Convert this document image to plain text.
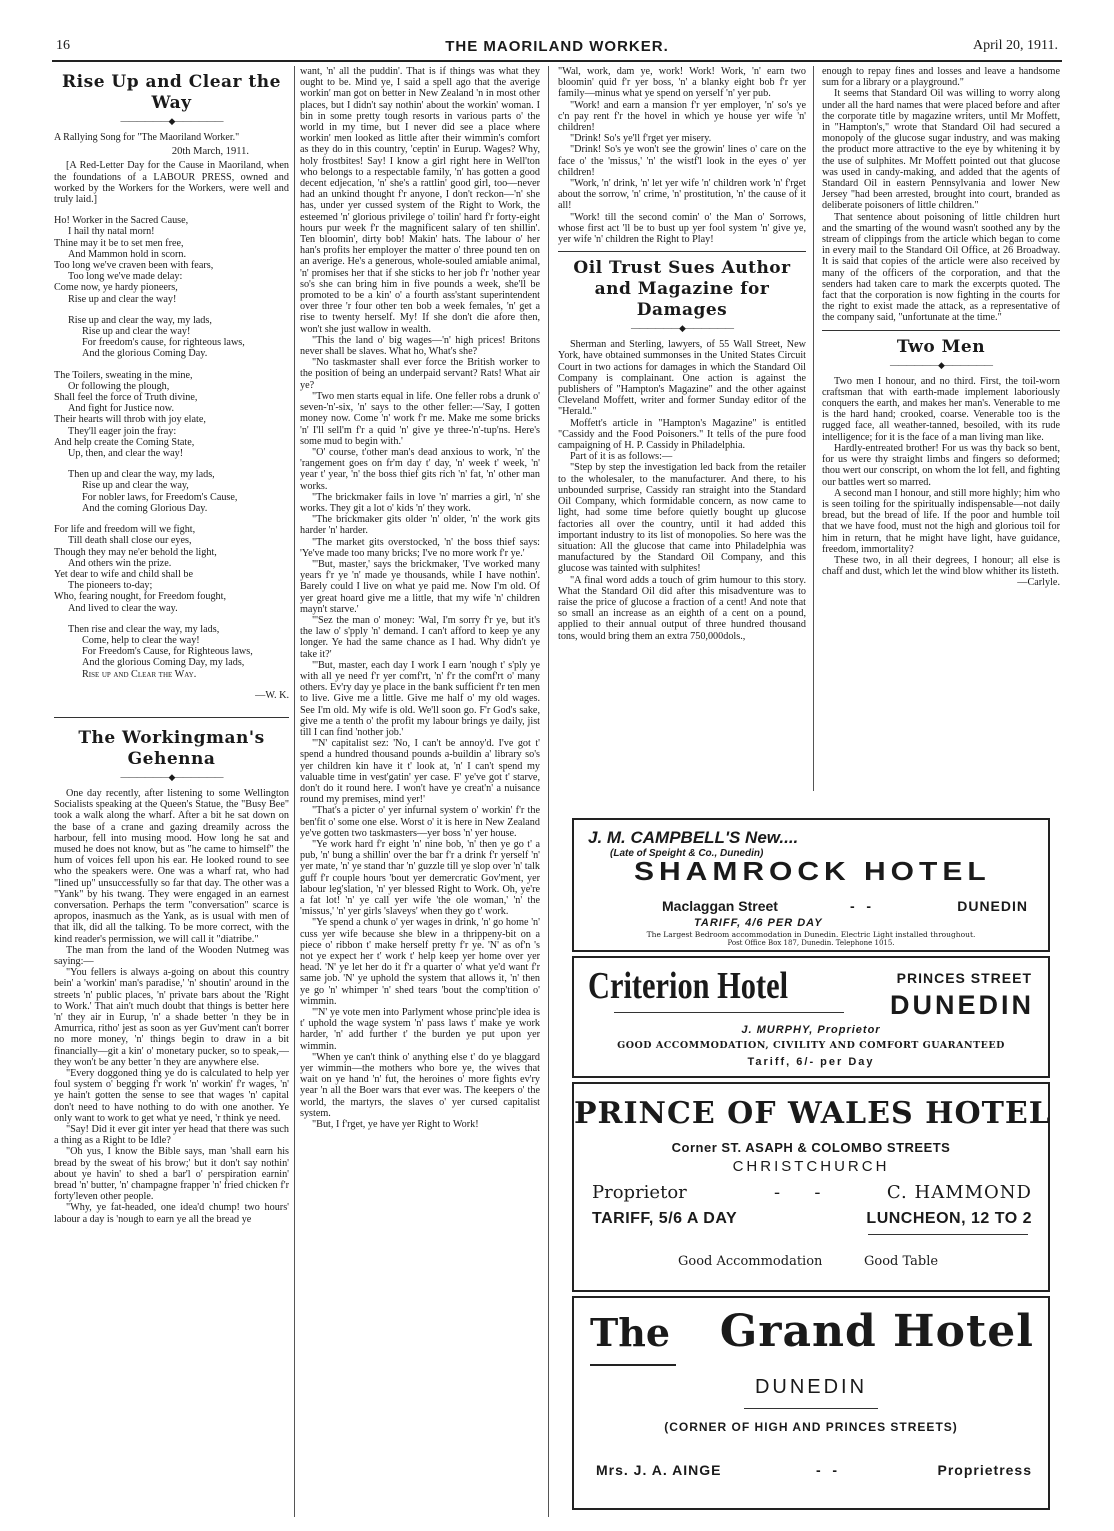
16	THE MAORILAND WORKER.	April 20, 1911.
Rise Up and Clear the
Way
——————◆——————

A Rallying Song for "The Maoriland Worker."

20th March, 1911.

[A Red-Letter Day for the Cause in Maoriland, when the foundations of a LABOUR PRESS, owned and worked by the Workers for the Workers, were well and truly laid.]

Ho! Worker in the Sacred Cause,

I hail thy natal morn!

Thine may it be to set men free,

And Mammon hold in scorn.

Too long we've craven been with fears,

Too long we've made delay:

Come now, ye hardy pioneers,

Rise up and clear the way!

Rise up and clear the way, my lads,

Rise up and clear the way!

For freedom's cause, for righteous laws,

And the glorious Coming Day.

The Toilers, sweating in the mine,

Or following the plough,

Shall feel the force of Truth divine,

And fight for Justice now.

Their hearts will throb with joy elate,

They'll eager join the fray:

And help create the Coming State,

Up, then, and clear the way!

Then up and clear the way, my lads,

Rise up and clear the way,

For nobler laws, for Freedom's Cause,

And the coming Glorious Day.

For life and freedom will we fight,

Till death shall close our eyes,

Though they may ne'er behold the light,

And others win the prize.

Yet dear to wife and child shall be

The pioneers to-day;

Who, fearing nought, for Freedom fought,

And lived to clear the way.

Then rise and clear the way, my lads,

Come, help to clear the way!

For Freedom's Cause, for Righteous laws,

And the glorious Coming Day, my lads,

Rise up and Clear the Way.

—W. K.

The Workingman's
Gehenna
——————◆——————

One day recently, after listening to some Wellington Socialists speaking at the Queen's Statue, the "Busy Bee" took a walk along the wharf. After a bit he sat down on the base of a crane and gazing dreamily across the harbour, fell into musing mood. How long he sat and mused he does not know, but as "he came to himself" the hum of voices fell upon his ear. He looked round to see who the speakers were. One was a wharf rat, who had "lined up" unsuccessfully so far that day. The other was a "Yank" by his twang. They were engaged in an earnest conversation. Perhaps the term "conversation" scarce is apropos, inasmuch as the Yank, as is usual with men of that ilk, did all the talking. To be more correct, with the kind reader's permission, we will call it "diatribe."

The man from the land of the Wooden Nutmeg was saying:—

"You fellers is always a-going on about this country bein' a 'workin' man's paradise,' 'n' shoutin' around in the streets 'n' public places, 'n' private bars about the 'Right to Work.' That ain't much doubt that things is better here 'n' they air in Eurup, 'n' a shade better 'n they be in Amurrica, ritho' jest as soon as yer Guv'ment can't borrer no more money, 'n' things begin to draw in a bit financially—git a kin' o' monetary pucker, so to speak,—they won't be any better 'n they are anywhere else.

"Every doggoned thing ye do is calculated to help yer foul system o' begging f'r work 'n' workin' f'r wages, 'n' ye hain't gotten the sense to see that wages 'n' capital don't need to have nothing to do with one another. Ye only want to work to get what ye need, 'r think ye need.

"Say! Did it ever git inter yer head that there was such a thing as a Right to be Idle?

"Oh yus, I know the Bible says, man 'shall earn his bread by the sweat of his brow;' but it don't say nothin' about ye havin' to shed a bar'l o' perspiration earnin' bread 'n' butter, 'n' champagne frapper 'n' fried chicken f'r forty'leven other people.

"Why, ye fat-headed, one idea'd chump! two hours' labour a day is 'nough to earn ye all the bread ye

want, 'n' all the puddin'. That is if things was what they ought to be. Mind ye, I said a spell ago that the averige workin' man got on better in New Zealand 'n in most other places, but I didn't say nothin' about the workin' woman. I bin in some pretty tough resorts in various parts o' the world in my time, but I never did see a place where workin' men looked as little after their wimmin's comfort as they do in this country, 'ceptin' in Eurup. Wages? Why, holy frostbites! Say! I know a girl right here in Well'ton who belongs to a respectable family, 'n' has gotten a good decent edjecation, 'n' she's a rattlin' good girl, too—never had an unkind thought f'r anyone, I don't reckon—'n' she has, under yer cussed system of the Right to Work, the esteemed 'n' glorious privilege o' toilin' hard f'r forty-eight hours pur week f'r the magnificent salary of ten shillin'. Ten bloomin', dirty bob! Makin' hats. The labour o' her han's profits her employer the matter o' three pound ten on an averige. He's a generous, whole-souled amiable animal, 'n' promises her that if she sticks to her job f'r 'nother year so's she can bring him in five pounds a week, she'll be promoted to be a kin' o' a fourth ass'stant superintendent over three 'r four other ten bob a week females, 'n' get a rise to twenty herself. My! If she don't die afore then, won't she just wallow in wealth.

"This the land o' big wages—'n' high prices! Britons never shall be slaves. What ho, What's she?

"No taskmaster shall ever force the British worker to the position of being an underpaid servant? Rats! What air ye?

"Two men starts equal in life. One feller robs a drunk o' seven-'n'-six, 'n' says to the other feller:—'Say, I gotten money now. Come 'n' work f'r me. Make me some bricks 'n' I'll sell'm f'r a quid 'n' give ye three-'n'-tup'ns. Here's some mud to begin with.'

"O' course, t'other man's dead anxious to work, 'n' the 'rangement goes on fr'm day t' day, 'n' week t' week, 'n' year t' year, 'n' the boss thief gits rich 'n' fat, 'n' other man works.

"The brickmaker fails in love 'n' marries a girl, 'n' she works. They git a lot o' kids 'n' they work.

"The brickmaker gits older 'n' older, 'n' the work gits harder 'n' harder.

"The market gits overstocked, 'n' the boss thief says: 'Ye've made too many bricks; I've no more work f'r ye.'

"'But, master,' says the brickmaker, 'I've worked many years f'r ye 'n' made ye thousands, while I have nothin'. Barely could I live on what ye paid me. Now I'm old. Of yer great hoard give me a little, that my wife 'n' children mayn't starve.'

"'Sez the man o' money: 'Wal, I'm sorry f'r ye, but it's the law o' s'pply 'n' demand. I can't afford to keep ye any longer. Ye had the same chance as I had. Why didn't ye take it?'

"'But, master, each day I work I earn 'nough t' s'ply ye with all ye need f'r yer comf'rt, 'n' f'r the comf'rt o' many others. Ev'ry day ye place in the bank sufficient f'r ten men to live. Give me a little. Give me half o' my old wages. See I'm old. My wife is old. We'll soon go. F'r God's sake, give me a tenth o' the profit my labour brings ye daily, jist till I can find 'nother job.'

"'N' capitalist sez: 'No, I can't be annoy'd. I've got t' spend a hundred thousand pounds a-buildin a' library so's yer children kin have it t' look at, 'n' I can't spend my valuable time in vest'gatin' yer case. F' ye've got t' starve, don't do it round here. I won't have ye creat'n' a nuisance round my premises, mind yer!'

"That's a picter o' yer infurnal system o' workin' f'r the ben'fit o' some one else. Worst o' it is here in New Zealand ye've gotten two taskmasters—yer boss 'n' yer house.

"Ye work hard f'r eight 'n' nine bob, 'n' then ye go t' a pub, 'n' bung a shillin' over the bar f'r a drink f'r yerself 'n' yer mate, 'n' ye stand thar 'n' guzzle till ye slop over 'n' talk guff f'r couple hours 'bout yer demercratic Gov'ment, yer labour leg'slation, 'n' yer blessed Right to Work. Oh, ye're a fat lot! 'n' ye call yer wife 'the ole woman,' 'n' the 'missus,' 'n' yer girls 'slaveys' when they go t' work.

"Ye spend a chunk o' yer wages in drink, 'n' go home 'n' cuss yer wife because she blew in a thrippeny-bit on a piece o' ribbon t' make herself pretty f'r ye. 'N' as of'n 's not ye expect her t' work t' help keep yer home over yer head. 'N' ye let her do it f'r a quarter o' what ye'd want f'r same job. 'N' ye uphold the system that allows it, 'n' then ye go 'n' whimper 'n' shed tears 'bout the comp'tition o' wimmin.

"'N' ye vote men into Parlyment whose princ'ple idea is t' uphold the wage system 'n' pass laws t' make ye work harder, 'n' add further t' the burden ye put upon yer wimmin.

"When ye can't think o' anything else t' do ye blaggard yer wimmin—the mothers who bore ye, the wives that wait on ye hand 'n' fut, the heroines o' more fights ev'ry year 'n all the Boer wars that ever was. The keepers o' the world, the martyrs, the slaves o' yer cursed capitalist system.

"But, I f'rget, ye have yer Right to Work!

"Wal, work, dam ye, work! Work! Work, 'n' earn two bloomin' quid f'r yer boss, 'n' a blanky eight bob f'r yer family—minus what ye spend on yerself 'n' yer pub.

"Work! and earn a mansion f'r yer employer, 'n' so's ye c'n pay rent f'r the hovel in which ye house yer wife 'n' children!

"Drink! So's ye'll f'rget yer misery.

"Drink! So's ye won't see the growin' lines o' care on the face o' the 'missus,' 'n' the wistf'l look in the eyes o' yer children!

"Work, 'n' drink, 'n' let yer wife 'n' children work 'n' f'rget about the sorrow, 'n' crime, 'n' prostitution, 'n' the cause of it all!

"Work! till the second comin' o' the Man o' Sorrows, whose first act 'll be to bust up yer fool system 'n' give ye, yer wife 'n' children the Right to Play!

Oil Trust Sues Author
and Magazine for
Damages
——————◆——————

Sherman and Sterling, lawyers, of 55 Wall Street, New York, have obtained summonses in the United States Circuit Court in two actions for damages in which the Standard Oil Company is complainant. One action is against the publishers of "Hampton's Magazine" and the other against Cleveland Moffett, writer and former Sunday editor of the "Herald."

Moffett's article in "Hampton's Magazine" is entitled "Cassidy and the Food Poisoners." It tells of the pure food campaigning of H. P. Cassidy in Philadelphia.

Part of it is as follows:—

"Step by step the investigation led back from the retailer to the wholesaler, to the manufacturer. And there, to his unbounded surprise, Cassidy ran straight into the Standard Oil Company, which formidable concern, as now came to light, had some time before quietly bought up glucose factories all over the country, until it had added this important industry to its list of monopolies. So here was the situation: All the glucose that came into Philadelphia was manufactured by the Standard Oil Company, and this glucose was tainted with sulphites!

"A final word adds a touch of grim humour to this story. What the Standard Oil did after this misadventure was to raise the price of glucose a fraction of a cent! And note that so small an increase as an eighth of a cent on a pound, applied to their annual output of three hundred thousand tons, would bring them an extra 750,000dols.,

enough to repay fines and losses and leave a handsome sum for a library or a playground."

It seems that Standard Oil was willing to worry along under all the hard names that were placed before and after the corporate title by magazine writers, until Mr Moffett, in "Hampton's," wrote that Standard Oil had secured a monopoly of the glucose sugar industry, and was making the product more attractive to the eye by whitening it by the use of sulphites. Mr Moffett pointed out that glucose was used in candy-making, and added that the agents of Standard Oil in eastern Pennsylvania and lower New Jersey "had been arrested, brought into court, branded as deliberate poisoners of little children."

That sentence about poisoning of little children hurt and the smarting of the wound wasn't soothed any by the stream of clippings from the article which began to come in every mail to the Standard Oil Office, at 26 Broadway. It is said that copies of the article were also received by many of the officers of the corporation, and that the senders had taken care to mark the excerpts quoted. The fact that the corporation is now fighting in the courts for the right to exist made the attack, as a representative of the company said, "unfortunate at the time."

Two Men
——————◆——————

Two men I honour, and no third. First, the toil-worn craftsman that with earth-made implement laboriously conquers the earth, and makes her man's. Venerable to me is the hard hand; crooked, coarse. Venerable too is the rugged face, all weather-tanned, besoiled, with its rude intelligence; for it is the face of a man living man like.

Hardly-entreated brother! For us was thy back so bent, for us were thy straight limbs and fingers so deformed; thou wert our conscript, on whom the lot fell, and fighting our battles wert so marred.

A second man I honour, and still more highly; him who is seen toiling for the spiritually indispensable—not daily bread, but the bread of life. If the poor and humble toil that we have food, must not the high and glorious toil for him in return, that he might have light, have guidance, freedom, immortality?

These two, in all their degrees, I honour; all else is chaff and dust, which let the wind blow whither its listeth.

—Carlyle.

J. M. CAMPBELL'S New....
(Late of Speight & Co., Dunedin)
SHAMROCK HOTEL
Maclaggan Street	-   -	DUNEDIN
TARIFF, 4/6 PER DAY
The Largest Bedroom accommodation in Dunedin. Electric Light installed throughout.
Post Office Box 187, Dunedin. Telephone 1015.
Criterion Hotel	PRINCES STREET
DUNEDIN
J. MURPHY, Proprietor
GOOD ACCOMMODATION, CIVILITY AND COMFORT GUARANTEED
Tariff, 6/- per Day
PRINCE OF WALES HOTEL
Corner ST. ASAPH & COLOMBO STREETS
CHRISTCHURCH
Proprietor	-      -	C. HAMMOND
TARIFF, 5/6 A DAY	LUNCHEON, 12 TO 2
Good Accommodation	Good Table
The	Grand Hotel
DUNEDIN
(CORNER OF HIGH AND PRINCES STREETS)
Mrs. J. A. AINGE	-   -	Proprietress
